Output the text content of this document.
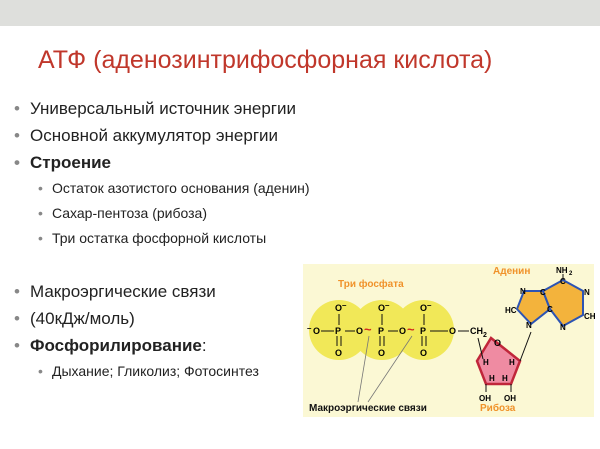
АТФ (аденозинтрифосфорная кислота)
• Универсальный источник энергии
• Основной аккумулятор энергии
• Строение
• Остаток азотистого основания (аденин)
• Сахар-пентоза (рибоза)
• Три остатка фосфорной кислоты
• Макроэргические связи
• (40кДж/моль)
• Фосфорилирование:
• Дыхание; Гликолиз; Фотосинтез
Три фосфата
Аденин
O –	O –	O –
– O P O ~ P O ~ P	O CH 2
O	O	O
O
H	H
H H
OH OH
N
HC
N C
C
C
N
CH
N
NH 2
Рибоза
Макроэргические связи
